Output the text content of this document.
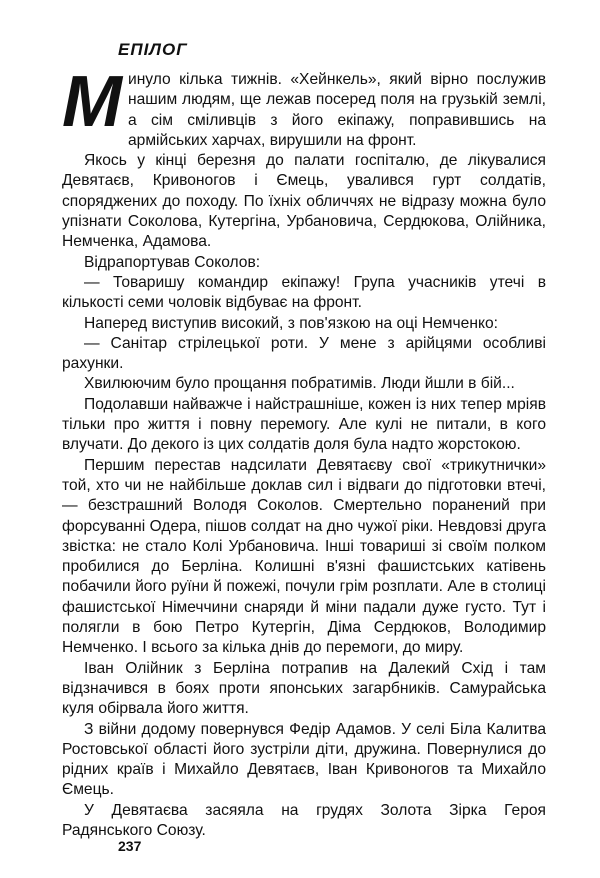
ЕПІЛОГ

Минуло кілька тижнів. «Хейнкель», який вірно послужив нашим людям, ще лежав посеред поля на грузькій землі, а сім сміливців з його екіпажу, поправившись на армійських харчах, вирушили на фронт.

Якось у кінці березня до палати госпіталю, де лікувалися Девятаєв, Кривоногов і Ємець, увалився гурт солдатів, споряджених до походу. По їхніх обличчях не відразу можна було упізнати Соколова, Кутергіна, Урбановича, Сердюкова, Олійника, Немченка, Адамова.

Відрапортував Соколов:

— Товаришу командир екіпажу! Група учасників утечі в кількості семи чоловік відбуває на фронт.

Наперед виступив високий, з пов'язкою на оці Немченко:

— Санітар стрілецької роти. У мене з арійцями особливі рахунки.

Хвилюючим було прощання побратимів. Люди йшли в бій...

Подолавши найважче і найстрашніше, кожен із них тепер мріяв тільки про життя і повну перемогу. Але кулі не питали, в кого влучати. До декого із цих солдатів доля була надто жорстокою.

Першим перестав надсилати Девятаєву свої «трикутнички» той, хто чи не найбільше доклав сил і відваги до підготовки втечі,— безстрашний Володя Соколов. Смертельно поранений при форсуванні Одера, пішов солдат на дно чужої ріки. Невдовзі друга звістка: не стало Колі Урбановича. Інші товариші зі своїм полком пробилися до Берліна. Колишні в'язні фашистських катівень побачили його руїни й пожежі, почули грім розплати. Але в столиці фашистської Німеччини снаряди й міни падали дуже густо. Тут і полягли в бою Петро Кутергін, Діма Сердюков, Володимир Немченко. І всього за кілька днів до перемоги, до миру.

Іван Олійник з Берліна потрапив на Далекий Схід і там відзначився в боях проти японських загарбників. Самурайська куля обірвала його життя.

З війни додому повернувся Федір Адамов. У селі Біла Калитва Ростовської області його зустріли діти, дружина. Повернулися до рідних країв і Михайло Девятаєв, Іван Кривоногов та Михайло Ємець.

У Девятаєва засяяла на грудях Золота Зірка Героя Радянського Союзу.

237
